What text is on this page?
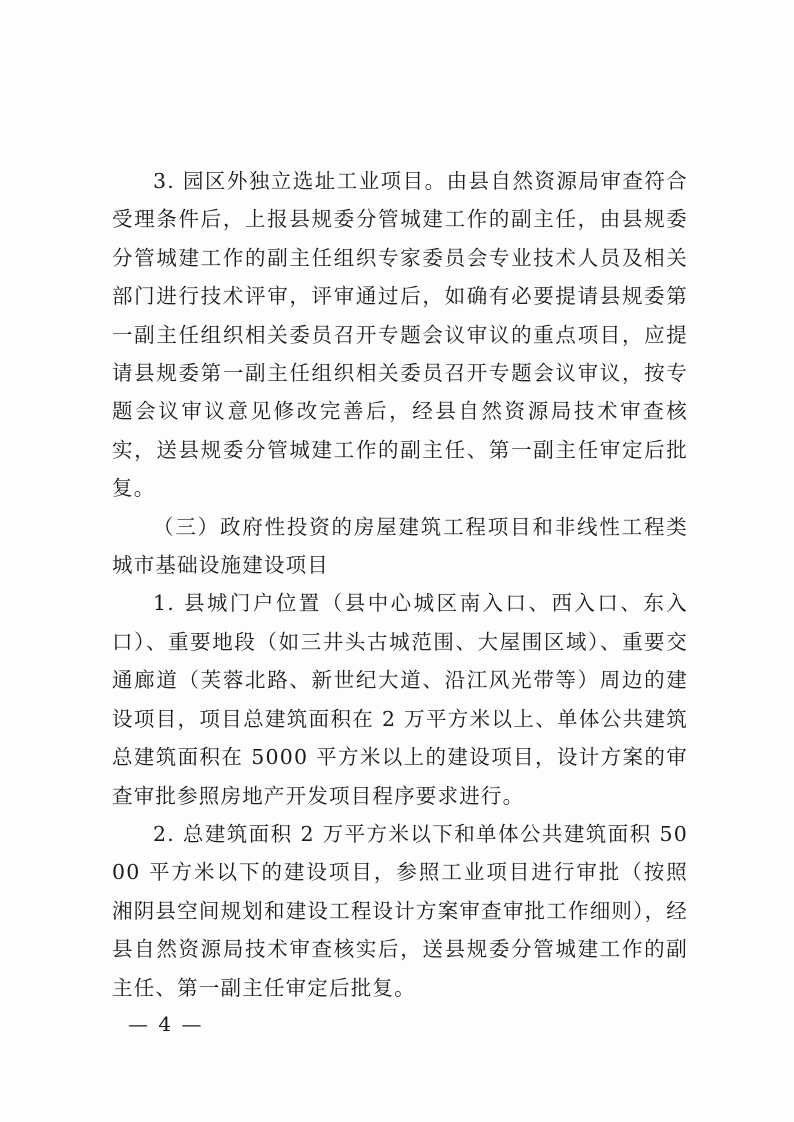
3. 园区外独立选址工业项目。由县自然资源局审查符合受理条件后，上报县规委分管城建工作的副主任，由县规委分管城建工作的副主任组织专家委员会专业技术人员及相关部门进行技术评审，评审通过后，如确有必要提请县规委第一副主任组织相关委员召开专题会议审议的重点项目，应提请县规委第一副主任组织相关委员召开专题会议审议，按专题会议审议意见修改完善后，经县自然资源局技术审查核实，送县规委分管城建工作的副主任、第一副主任审定后批复。

（三）政府性投资的房屋建筑工程项目和非线性工程类城市基础设施建设项目

1. 县城门户位置（县中心城区南入口、西入口、东入口）、重要地段（如三井头古城范围、大屋围区域）、重要交通廊道（芙蓉北路、新世纪大道、沿江风光带等）周边的建设项目，项目总建筑面积在 2 万平方米以上、单体公共建筑总建筑面积在 5000 平方米以上的建设项目，设计方案的审查审批参照房地产开发项目程序要求进行。

2. 总建筑面积 2 万平方米以下和单体公共建筑面积 5000 平方米以下的建设项目，参照工业项目进行审批（按照湘阴县空间规划和建设工程设计方案审查审批工作细则），经县自然资源局技术审查核实后，送县规委分管城建工作的副主任、第一副主任审定后批复。

— 4 —
